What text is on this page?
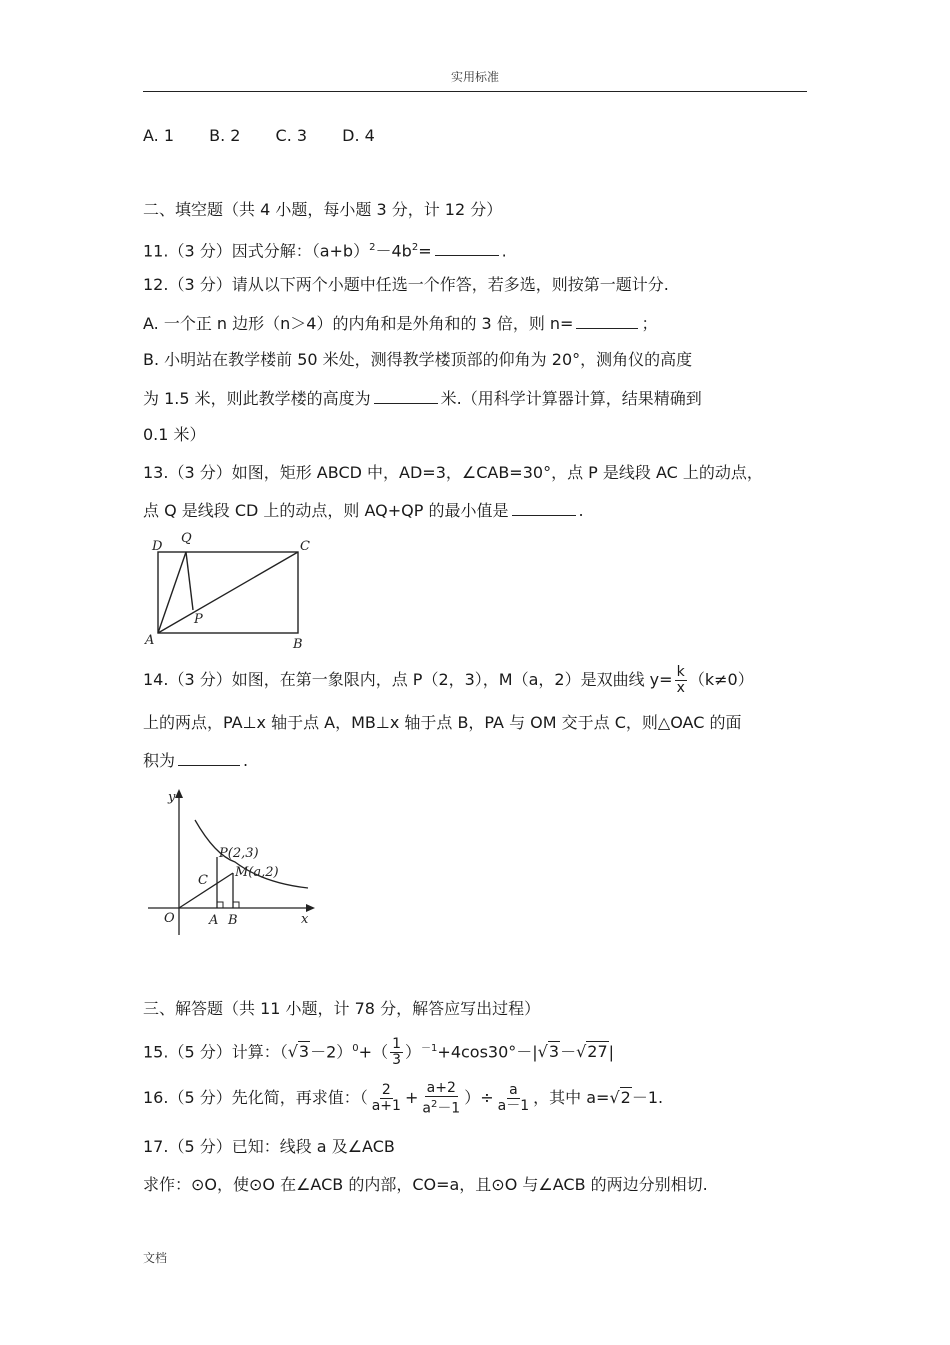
实用标准
A. 1 B. 2 C. 3 D. 4
二、填空题（共 4 小题，每小题 3 分，计 12 分）
11.（3 分）因式分解：$(a+b)^2-4b^2=$	.
12.（3 分）请从以下两个小题中任选一个作答，若多选，则按第一题计分.
A. 一个正 n 边形（n＞4）的内角和是外角和的 3 倍，则 n=	；
B. 小明站在教学楼前 50 米处，测得教学楼顶部的仰角为 20°，测角仪的高度
为 1.5 米，则此教学楼的高度为	米.（用科学计算器计算，结果精确到
0.1 米）
13.（3 分）如图，矩形 ABCD 中，AD=3，∠CAB=30°，点 P 是线段 AC 上的动点，
点 Q 是线段 CD 上的动点，则 AQ+QP 的最小值是	.
D
Q
C
A
P
B
14.（3 分）如图，在第一象限内，点 P（2，3），M（a，2）是双曲线 $y= \frac{k}{x} (k\ne 0)$
上的两点，PA⊥x 轴于点 A，MB⊥x 轴于点 B，PA 与 OM 交于点 C，则△OAC 的面
积为	.
y
x
O	A B
C
P(2,3)
M(a,2)
三、解答题（共 11 小题，计 78 分，解答应写出过程）
15.（5 分）计算：$(√3-2)^0+( \frac{1}{3} )^{-1}+4\cos 30^\circ-|√3-√27|$
16.（5 分）先化简，再求值：（ $\frac{2}{a+1} + \frac{a+2}{a^2-1}$ ）÷ $\frac{a}{a-1}$ ，其中 a=√2－1.
17.（5 分）已知：线段 a 及∠ACB
求作：⊙O，使⊙O 在∠ACB 的内部，CO=a，且⊙O 与∠ACB 的两边分别相切.
文档
